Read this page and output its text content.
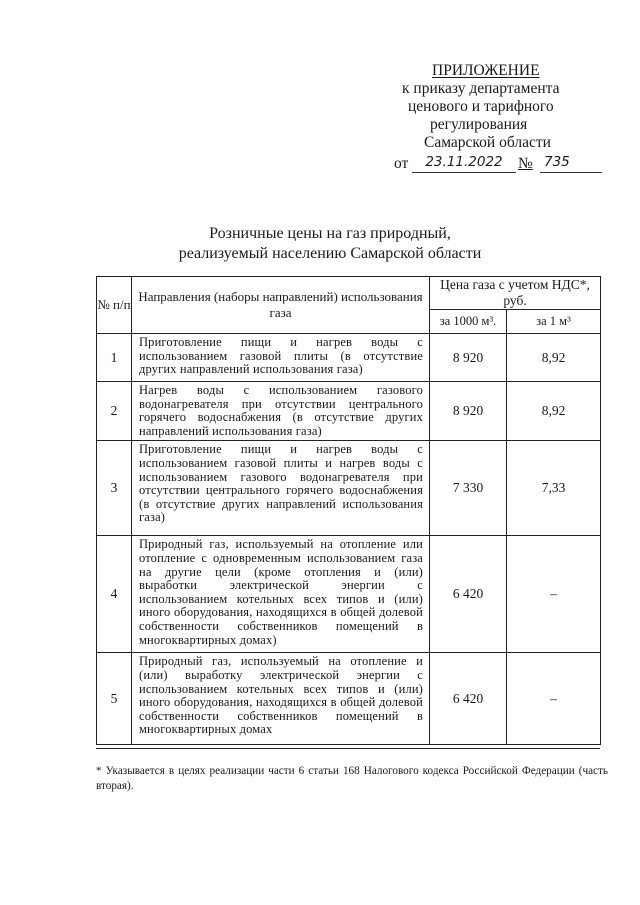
ПРИЛОЖЕНИЕ
к приказу департамента
ценового и тарифного
регулирования
Самарской области
от	23.11.2022 № 735
Розничные цены на газ природный,
реализуемый населению Самарской области
№ п/п	Направления (наборы направлений) использования газа	Цена газа с учетом НДС*, руб.	
		за 1000 м³.	за 1 м³
1	Приготовление пищи и нагрев воды с использованием газовой плиты (в отсутствие других направлений использования газа)	8 920	8,92
2	Нагрев воды с использованием газового водонагревателя при отсутствии центрального горячего водоснабжения (в отсутствие других направлений использования газа)	8 920	8,92
3	Приготовление пищи и нагрев воды с использованием газовой плиты и нагрев воды с использованием газового водонагревателя при отсутствии центрального горячего водоснабжения (в отсутствие других направлений использования газа)	7 330	7,33
4	Природный газ, используемый на отопление или отопление с одновременным использованием газа на другие цели (кроме отопления и (или) выработки электрической энергии с использованием котельных всех типов и (или) иного оборудования, находящихся в общей долевой собственности собственников помещений в многоквартирных домах)	6 420	–
5	Природный газ, используемый на отопление и (или) выработку электрической энергии с использованием котельных всех типов и (или) иного оборудования, находящихся в общей долевой собственности собственников помещений в многоквартирных домах	6 420	–
* Указывается в целях реализации части 6 статьи 168 Налогового кодекса Российской Федерации (часть вторая).
